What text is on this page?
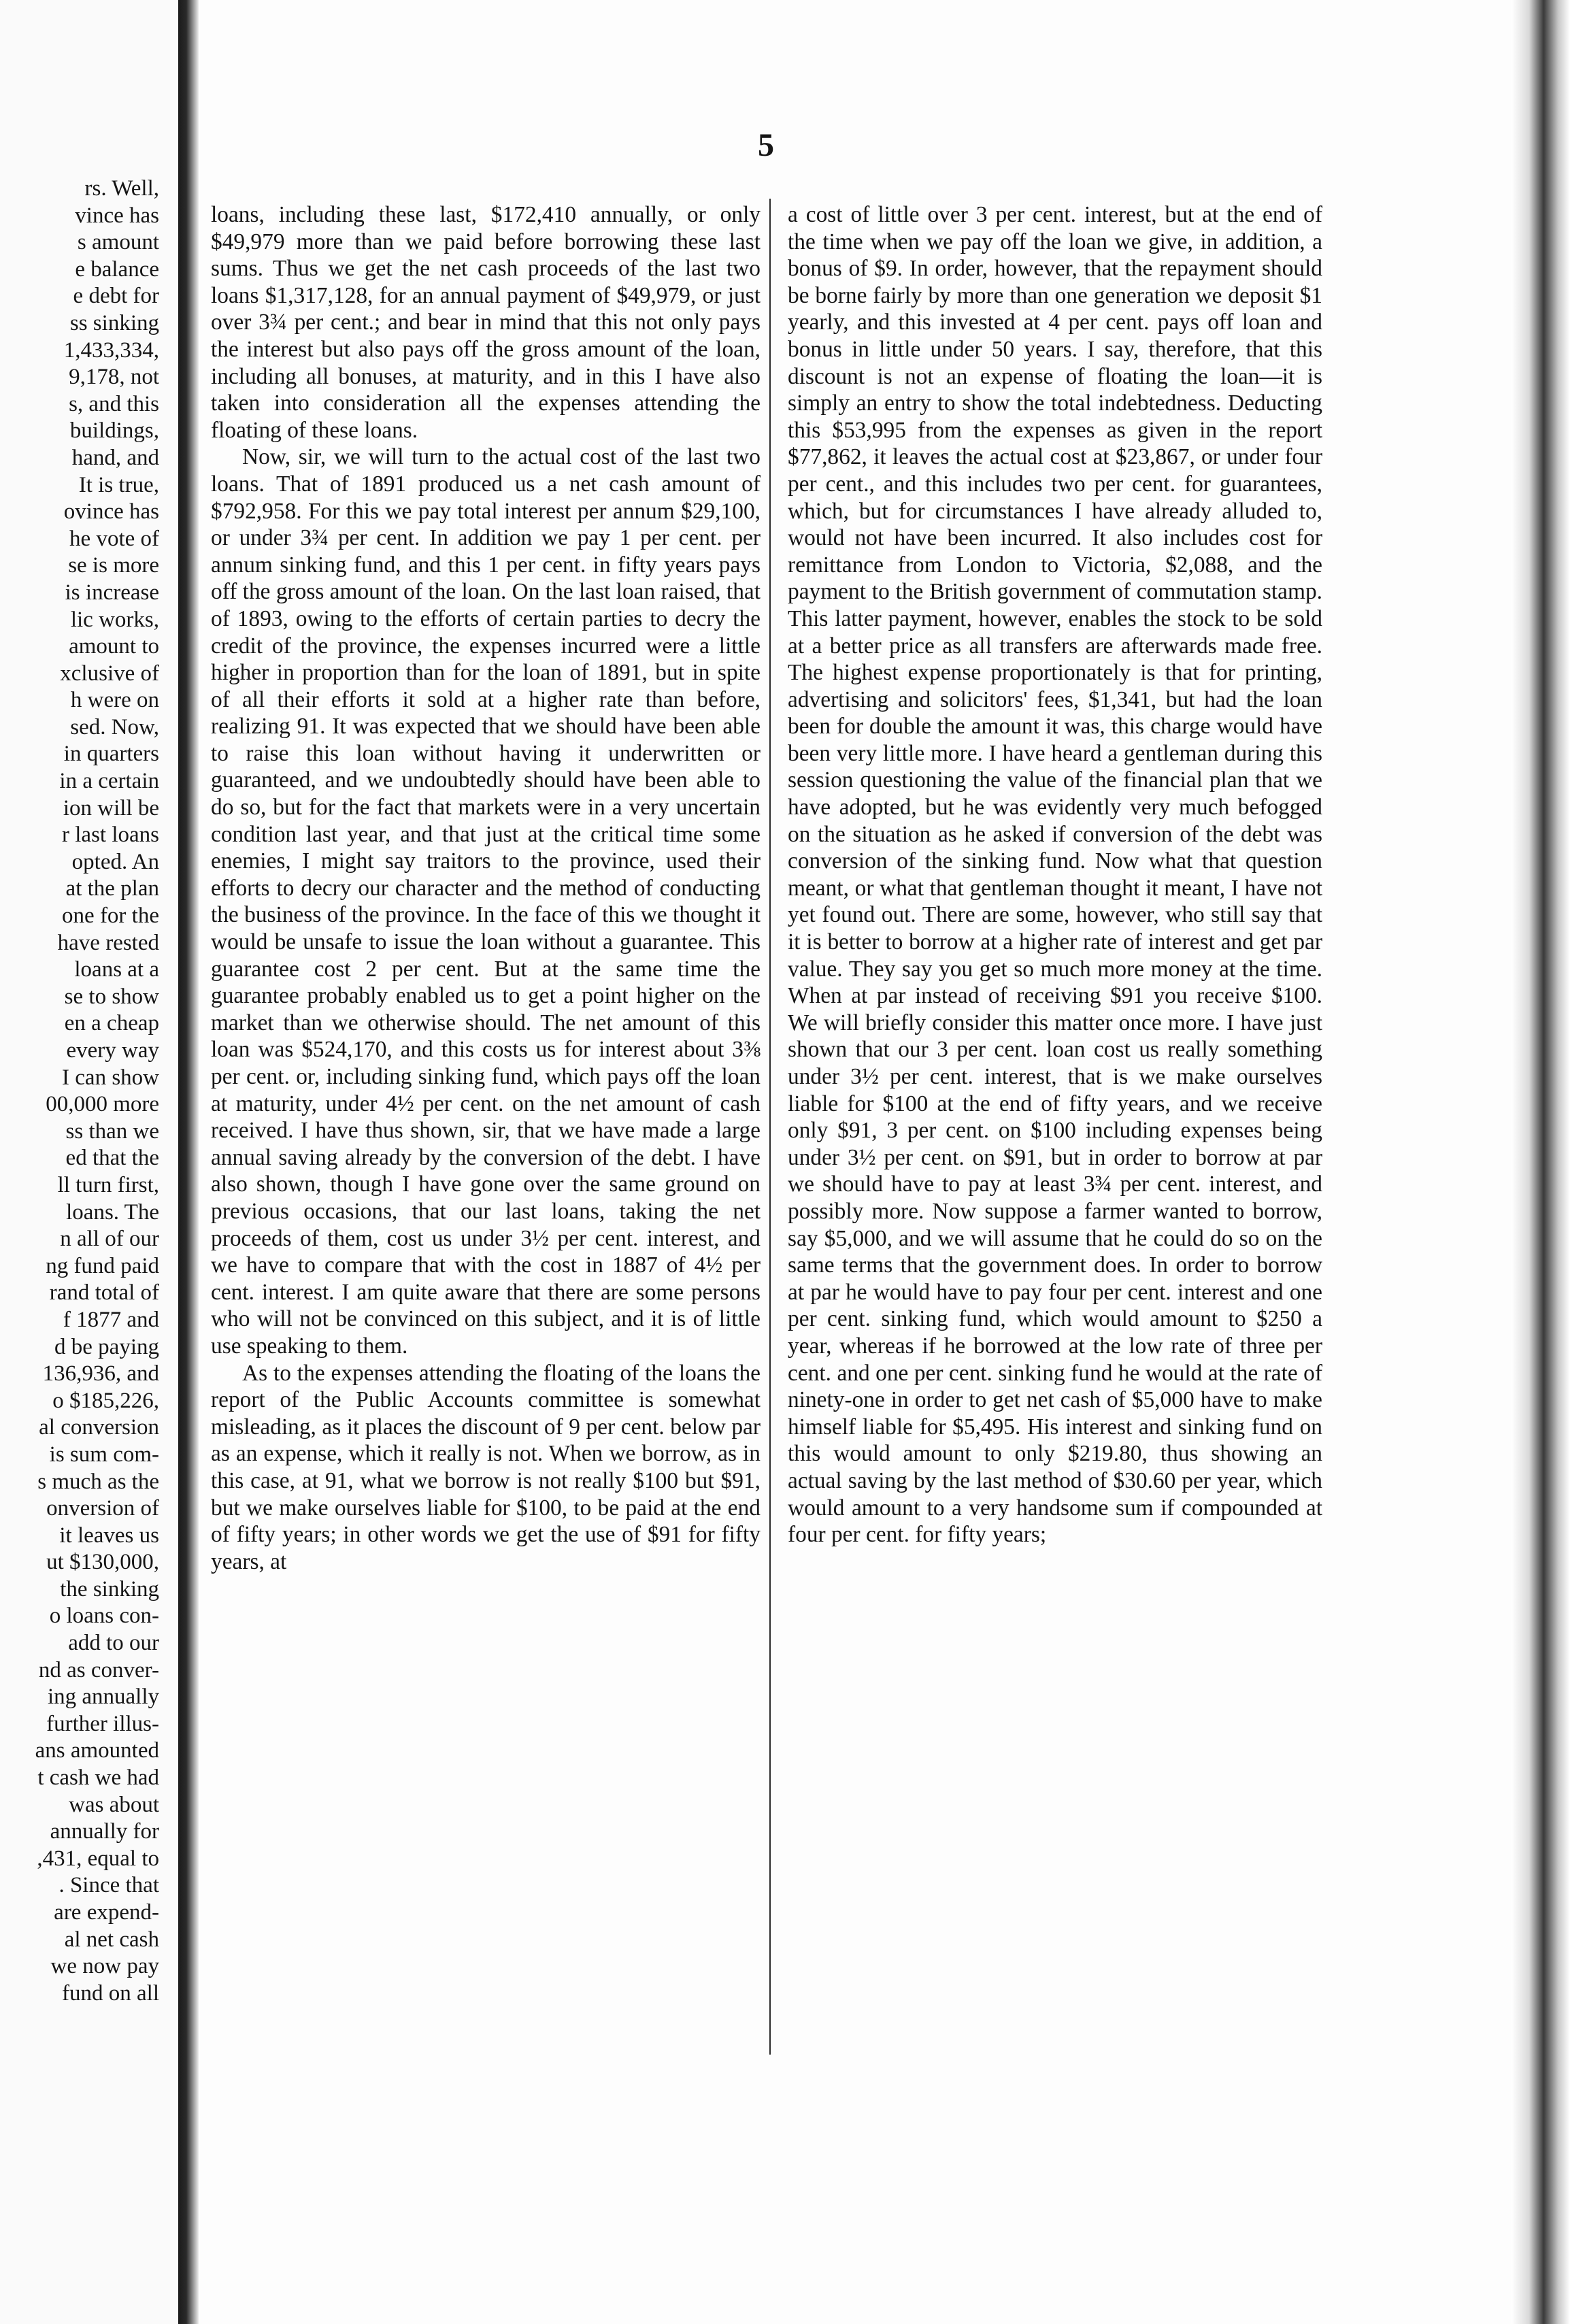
rs. Well,
vince has
s amount
e balance
e debt for
ss sinking
1,433,334,
9,178, not
s, and this
buildings,
hand, and
It is true,
ovince has
he vote of
se is more
is increase
lic works,
amount to
xclusive of
h were on
sed. Now,
in quarters
in a certain
ion will be
r last loans
opted. An
at the plan
one for the
have rested
loans at a
se to show
en a cheap
every way
I can show
00,000 more
ss than we
ed that the
ll turn first,
loans. The
n all of our
ng fund paid
rand total of
f 1877 and
d be paying
136,936, and
o $185,226,
al conversion
is sum com-
s much as the
onversion of
it leaves us
ut $130,000,
the sinking
o loans con-
add to our
nd as conver-
ing annually
further illus-
ans amounted
t cash we had
was about
annually for
,431, equal to
. Since that
are expend-
al net cash
we now pay
fund on all
5

loans, including these last, $172,410 annually, or only $49,979 more than we paid before borrowing these last sums. Thus we get the net cash proceeds of the last two loans $1,317,128, for an annual payment of $49,979, or just over 3¾ per cent.; and bear in mind that this not only pays the interest but also pays off the gross amount of the loan, including all bonuses, at maturity, and in this I have also taken into consideration all the expenses attending the floating of these loans.

Now, sir, we will turn to the actual cost of the last two loans. That of 1891 produced us a net cash amount of $792,958. For this we pay total interest per annum $29,100, or under 3¾ per cent. In addition we pay 1 per cent. per annum sinking fund, and this 1 per cent. in fifty years pays off the gross amount of the loan. On the last loan raised, that of 1893, owing to the efforts of certain parties to decry the credit of the province, the expenses incurred were a little higher in proportion than for the loan of 1891, but in spite of all their efforts it sold at a higher rate than before, realizing 91. It was expected that we should have been able to raise this loan without having it underwritten or guaranteed, and we undoubtedly should have been able to do so, but for the fact that markets were in a very uncertain condition last year, and that just at the critical time some enemies, I might say traitors to the province, used their efforts to decry our character and the method of conducting the business of the province. In the face of this we thought it would be unsafe to issue the loan without a guarantee. This guarantee cost 2 per cent. But at the same time the guarantee probably enabled us to get a point higher on the market than we otherwise should. The net amount of this loan was $524,170, and this costs us for interest about 3⅜ per cent. or, including sinking fund, which pays off the loan at maturity, under 4½ per cent. on the net amount of cash received. I have thus shown, sir, that we have made a large annual saving already by the conversion of the debt. I have also shown, though I have gone over the same ground on previous occasions, that our last loans, taking the net proceeds of them, cost us under 3½ per cent. interest, and we have to compare that with the cost in 1887 of 4½ per cent. interest. I am quite aware that there are some persons who will not be convinced on this subject, and it is of little use speaking to them.

As to the expenses attending the floating of the loans the report of the Public Accounts committee is somewhat misleading, as it places the discount of 9 per cent. below par as an expense, which it really is not. When we borrow, as in this case, at 91, what we borrow is not really $100 but $91, but we make ourselves liable for $100, to be paid at the end of fifty years; in other words we get the use of $91 for fifty years, at

a cost of little over 3 per cent. interest, but at the end of the time when we pay off the loan we give, in addition, a bonus of $9. In order, however, that the repayment should be borne fairly by more than one generation we deposit $1 yearly, and this invested at 4 per cent. pays off loan and bonus in little under 50 years. I say, therefore, that this discount is not an expense of floating the loan—it is simply an entry to show the total indebtedness. Deducting this $53,995 from the expenses as given in the report $77,862, it leaves the actual cost at $23,867, or under four per cent., and this includes two per cent. for guarantees, which, but for circumstances I have already alluded to, would not have been incurred. It also includes cost for remittance from London to Victoria, $2,088, and the payment to the British government of commutation stamp. This latter payment, however, enables the stock to be sold at a better price as all transfers are afterwards made free. The highest expense proportionately is that for printing, advertising and solicitors' fees, $1,341, but had the loan been for double the amount it was, this charge would have been very little more. I have heard a gentleman during this session questioning the value of the financial plan that we have adopted, but he was evidently very much befogged on the situation as he asked if conversion of the debt was conversion of the sinking fund. Now what that question meant, or what that gentleman thought it meant, I have not yet found out. There are some, however, who still say that it is better to borrow at a higher rate of interest and get par value. They say you get so much more money at the time. When at par instead of receiving $91 you receive $100. We will briefly consider this matter once more. I have just shown that our 3 per cent. loan cost us really something under 3½ per cent. interest, that is we make ourselves liable for $100 at the end of fifty years, and we receive only $91, 3 per cent. on $100 including expenses being under 3½ per cent. on $91, but in order to borrow at par we should have to pay at least 3¾ per cent. interest, and possibly more. Now suppose a farmer wanted to borrow, say $5,000, and we will assume that he could do so on the same terms that the government does. In order to borrow at par he would have to pay four per cent. interest and one per cent. sinking fund, which would amount to $250 a year, whereas if he borrowed at the low rate of three per cent. and one per cent. sinking fund he would at the rate of ninety-one in order to get net cash of $5,000 have to make himself liable for $5,495. His interest and sinking fund on this would amount to only $219.80, thus showing an actual saving by the last method of $30.60 per year, which would amount to a very handsome sum if compounded at four per cent. for fifty years;
